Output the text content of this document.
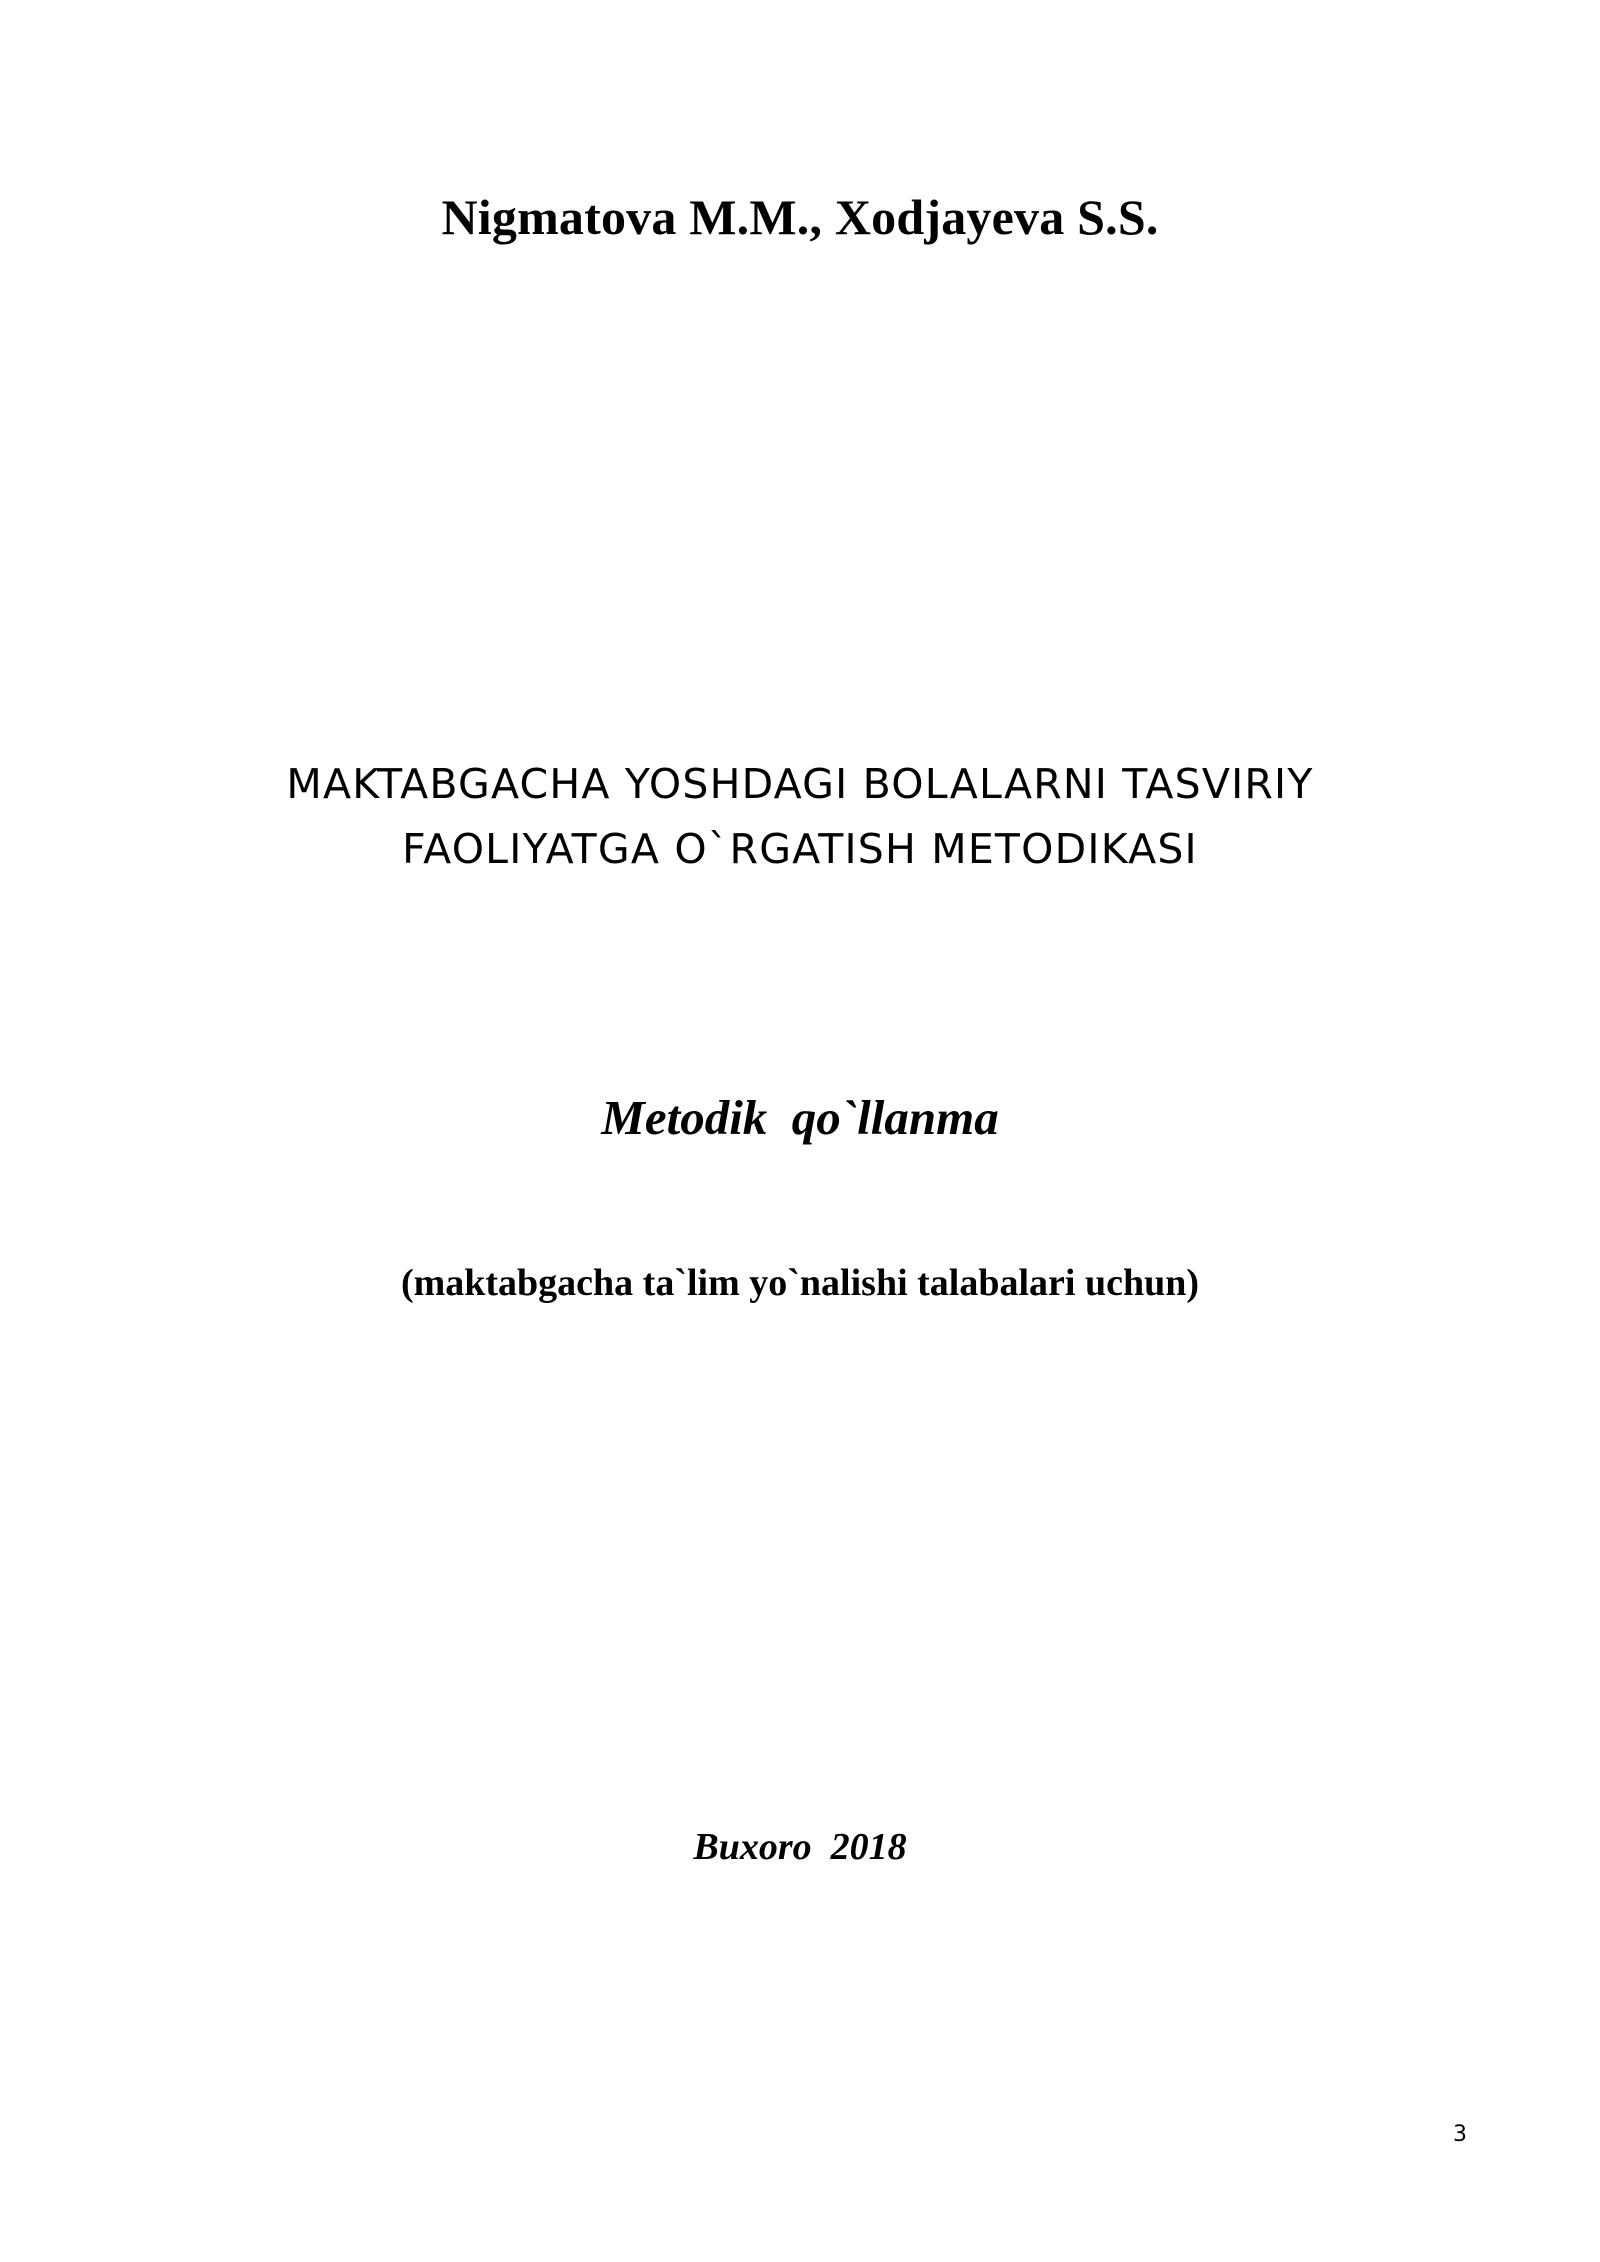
Nigmatova M.M., Xodjayeva S.S.
MAKTABGACHA YOSHDAGI BOLALARNI TASVIRIY
FAOLIYATGA O`RGATISH METODIKASI
Metodik  qo`llanma
(maktabgacha ta`lim yo`nalishi talabalari uchun)
Buxoro  2018
3
